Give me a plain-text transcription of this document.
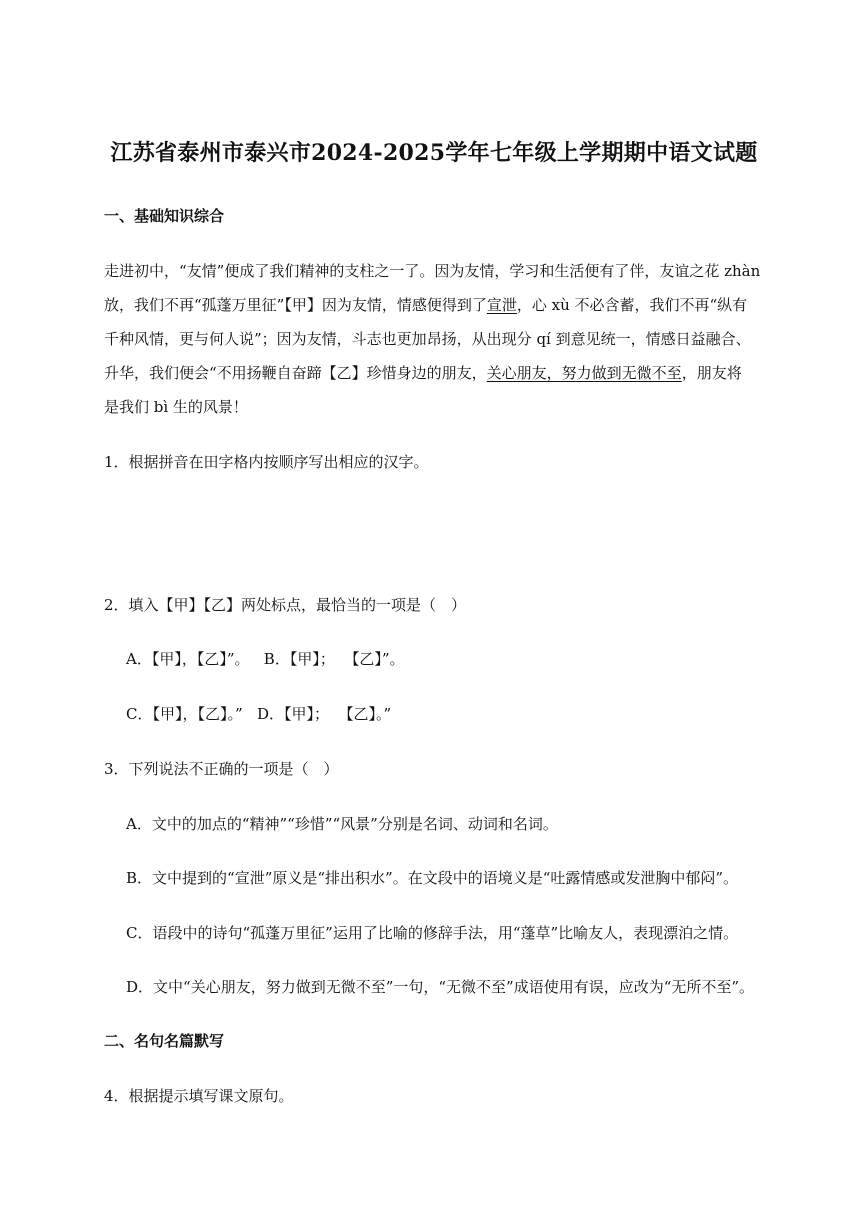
江苏省泰州市泰兴市2024-2025学年七年级上学期期中语文试题
一、基础知识综合
走进初中，“友情”便成了我们精神的支柱之一了。因为友情，学习和生活便有了伴，友谊之花 zhàn
放，我们不再“孤蓬万里征”【甲】因为友情，情感便得到了宣泄，心 xù 不必含蓄，我们不再“纵有
千种风情，更与何人说”；因为友情，斗志也更加昂扬，从出现分 qí 到意见统一，情感日益融合、
升华，我们便会“不用扬鞭自奋蹄【乙】珍惜身边的朋友，关心朋友，努力做到无微不至，朋友将
是我们 bì 生的风景！
1．根据拼音在田字格内按顺序写出相应的汉字。
2．填入【甲】【乙】两处标点，最恰当的一项是（　）
A．【甲】，【乙】”。   B．【甲】；  【乙】”。
C．【甲】，【乙】。”   D．【甲】；  【乙】。”
3．下列说法不正确的一项是（　）
A．文中的加点的“精神”“珍惜”“风景”分别是名词、动词和名词。
B．文中提到的“宣泄”原义是“排出积水”。在文段中的语境义是“吐露情感或发泄胸中郁闷”。
C．语段中的诗句“孤蓬万里征”运用了比喻的修辞手法，用“蓬草”比喻友人，表现漂泊之情。
D．文中“关心朋友，努力做到无微不至”一句，“无微不至”成语使用有误，应改为“无所不至”。
二、名句名篇默写
4．根据提示填写课文原句。
